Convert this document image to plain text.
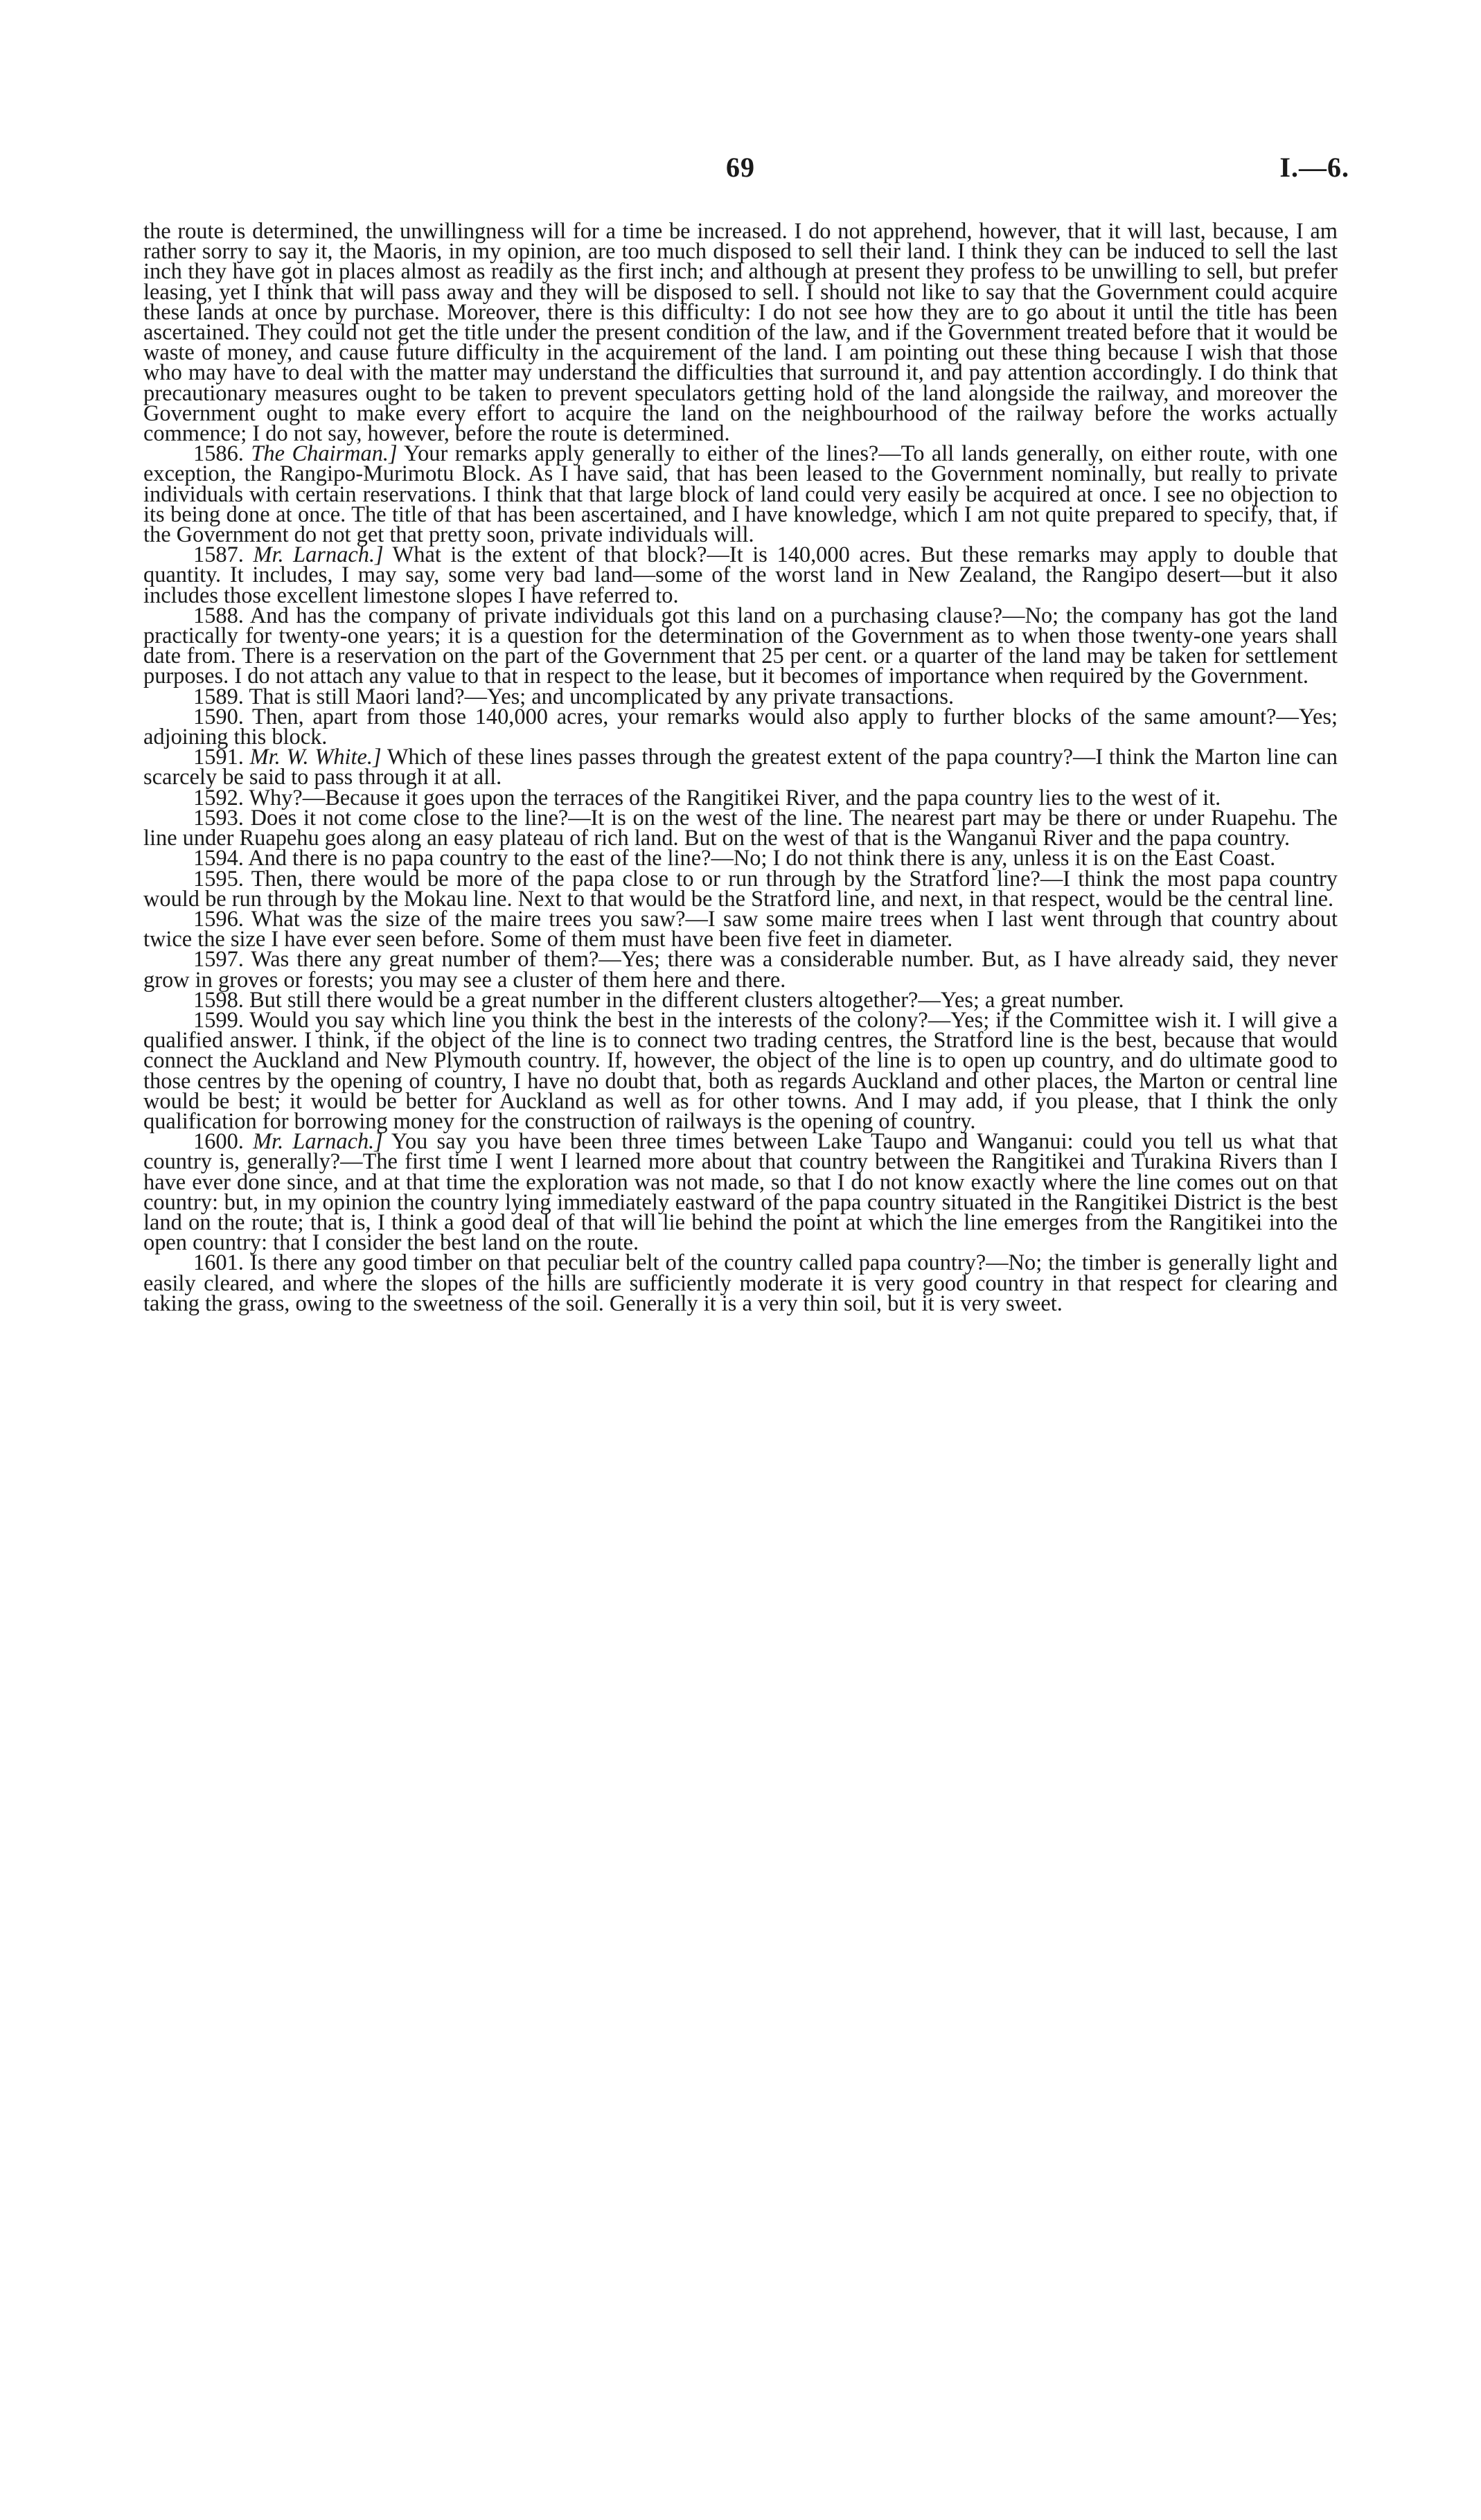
69	I.—6.

the route is determined, the unwillingness will for a time be increased. I do not apprehend, however, that it will last, because, I am rather sorry to say it, the Maoris, in my opinion, are too much disposed to sell their land. I think they can be induced to sell the last inch they have got in places almost as readily as the first inch; and although at present they profess to be unwilling to sell, but prefer leasing, yet I think that will pass away and they will be disposed to sell. I should not like to say that the Government could acquire these lands at once by purchase. Moreover, there is this difficulty: I do not see how they are to go about it until the title has been ascertained. They could not get the title under the present condition of the law, and if the Government treated before that it would be waste of money, and cause future difficulty in the acquirement of the land. I am pointing out these thing because I wish that those who may have to deal with the matter may understand the difficulties that surround it, and pay attention accordingly. I do think that precautionary measures ought to be taken to prevent speculators getting hold of the land alongside the railway, and moreover the Government ought to make every effort to acquire the land on the neighbourhood of the railway before the works actually commence; I do not say, however, before the route is determined.

1586. The Chairman.] Your remarks apply generally to either of the lines?—To all lands generally, on either route, with one exception, the Rangipo-Murimotu Block. As I have said, that has been leased to the Government nominally, but really to private individuals with certain reservations. I think that that large block of land could very easily be acquired at once. I see no objection to its being done at once. The title of that has been ascertained, and I have knowledge, which I am not quite prepared to specify, that, if the Government do not get that pretty soon, private individuals will.

1587. Mr. Larnach.] What is the extent of that block?—It is 140,000 acres. But these remarks may apply to double that quantity. It includes, I may say, some very bad land—some of the worst land in New Zealand, the Rangipo desert—but it also includes those excellent limestone slopes I have referred to.

1588. And has the company of private individuals got this land on a purchasing clause?—No; the company has got the land practically for twenty-one years; it is a question for the determination of the Government as to when those twenty-one years shall date from. There is a reservation on the part of the Government that 25 per cent. or a quarter of the land may be taken for settlement purposes. I do not attach any value to that in respect to the lease, but it becomes of importance when required by the Government.

1589. That is still Maori land?—Yes; and uncomplicated by any private transactions.

1590. Then, apart from those 140,000 acres, your remarks would also apply to further blocks of the same amount?—Yes; adjoining this block.

1591. Mr. W. White.] Which of these lines passes through the greatest extent of the papa country?—I think the Marton line can scarcely be said to pass through it at all.

1592. Why?—Because it goes upon the terraces of the Rangitikei River, and the papa country lies to the west of it.

1593. Does it not come close to the line?—It is on the west of the line. The nearest part may be there or under Ruapehu. The line under Ruapehu goes along an easy plateau of rich land. But on the west of that is the Wanganui River and the papa country.

1594. And there is no papa country to the east of the line?—No; I do not think there is any, unless it is on the East Coast.

1595. Then, there would be more of the papa close to or run through by the Stratford line?—I think the most papa country would be run through by the Mokau line. Next to that would be the Stratford line, and next, in that respect, would be the central line.

1596. What was the size of the maire trees you saw?—I saw some maire trees when I last went through that country about twice the size I have ever seen before. Some of them must have been five feet in diameter.

1597. Was there any great number of them?—Yes; there was a considerable number. But, as I have already said, they never grow in groves or forests; you may see a cluster of them here and there.

1598. But still there would be a great number in the different clusters altogether?—Yes; a great number.

1599. Would you say which line you think the best in the interests of the colony?—Yes; if the Committee wish it. I will give a qualified answer. I think, if the object of the line is to connect two trading centres, the Stratford line is the best, because that would connect the Auckland and New Plymouth country. If, however, the object of the line is to open up country, and do ultimate good to those centres by the opening of country, I have no doubt that, both as regards Auckland and other places, the Marton or central line would be best; it would be better for Auckland as well as for other towns. And I may add, if you please, that I think the only qualification for borrowing money for the construction of railways is the opening of country.

1600. Mr. Larnach.] You say you have been three times between Lake Taupo and Wanganui: could you tell us what that country is, generally?—The first time I went I learned more about that country between the Rangitikei and Turakina Rivers than I have ever done since, and at that time the exploration was not made, so that I do not know exactly where the line comes out on that country: but, in my opinion the country lying immediately eastward of the papa country situated in the Rangitikei District is the best land on the route; that is, I think a good deal of that will lie behind the point at which the line emerges from the Rangitikei into the open country: that I consider the best land on the route.

1601. Is there any good timber on that peculiar belt of the country called papa country?—No; the timber is generally light and easily cleared, and where the slopes of the hills are sufficiently moderate it is very good country in that respect for clearing and taking the grass, owing to the sweetness of the soil. Generally it is a very thin soil, but it is very sweet.
